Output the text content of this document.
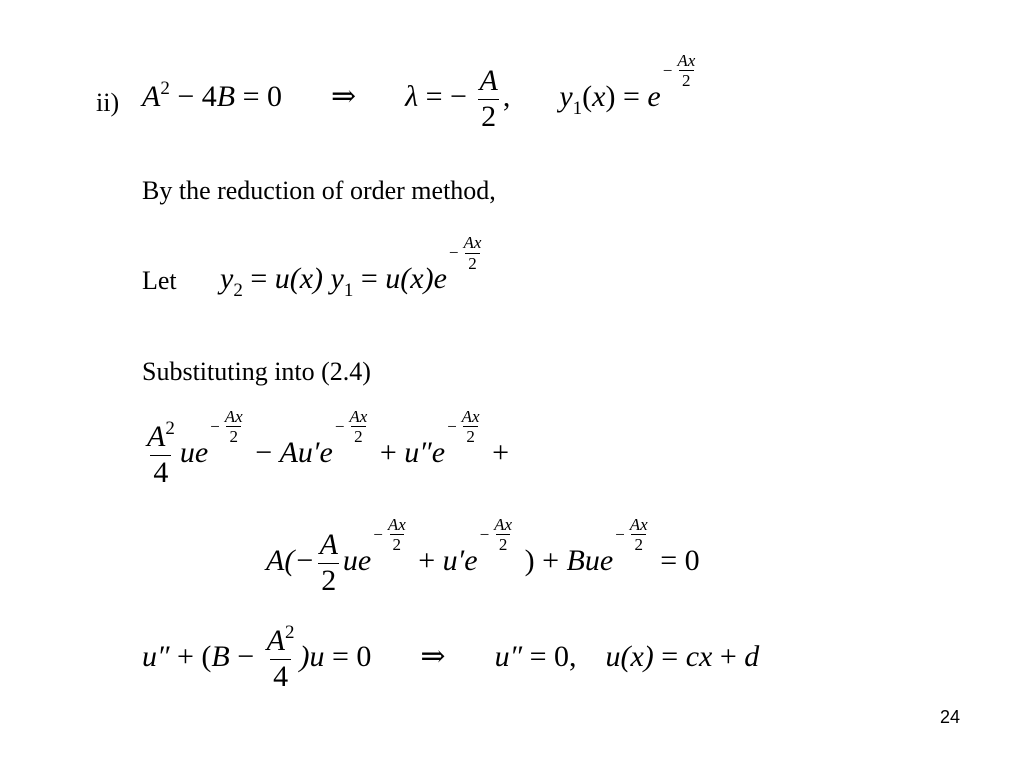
ii) $A^2 - 4B = 0$ ⇒ λ = − $\frac{A}{2}$ , $y_1(x) = e$
− $\frac{Ax}{2}$
By the reduction of order method,
Let $y_2 = u(x) y_1 = u(x)e$
− $\frac{Ax}{2}$
Substituting into (2.4)
$\frac{A^2}{4}$ ue
− $\frac{Ax}{2}$
− Au′e
− $\frac{Ax}{2}$
+ u″e
− $\frac{Ax}{2}$
+
$A(- \frac{A}{2}$ ue
− $\frac{Ax}{2}$
+ u′e
− $\frac{Ax}{2}$
) + Bue
− $\frac{Ax}{2}$
= 0
$u'' + (B - \frac{A^2}{4} )u = 0$ ⇒ u″ = 0, u(x) = cx + d
24
